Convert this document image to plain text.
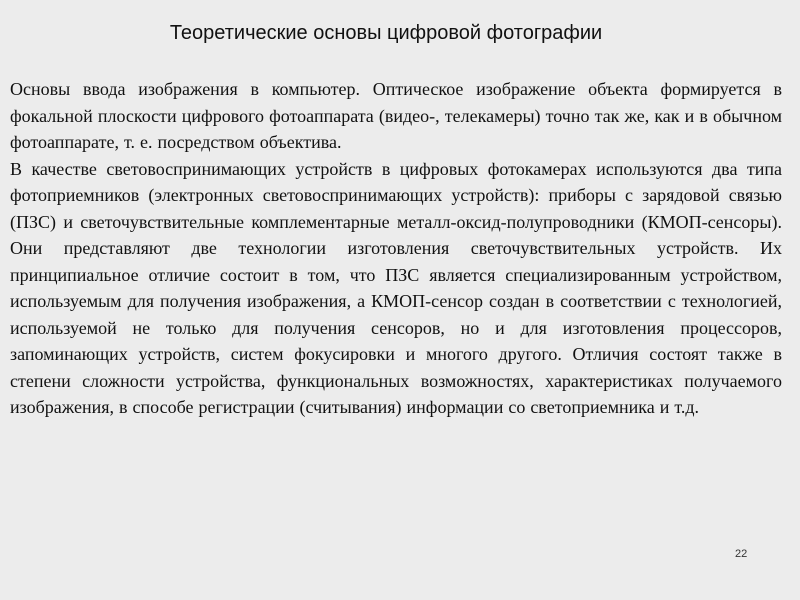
Теоретические основы цифровой фотографии

Основы ввода изображения в компьютер. Оптическое изображение объекта формируется в фокальной плоскости цифрового фотоаппарата (видео-, телекамеры) точно так же, как и в обычном фотоаппарате, т. е. посредством объектива.

В качестве световоспринимающих устройств в цифровых фотокамерах используются два типа фотоприемников (электронных световоспринимающих устройств): приборы с зарядовой связью (ПЗС) и светочувствительные комплементарные металл-оксид-полупроводники (КМОП-сенсоры). Они представляют две технологии изготовления светочувствительных устройств. Их принципиальное отличие состоит в том, что ПЗС является специализированным устройством, используемым для получения изображения, а КМОП-сенсор создан в соответствии с технологией, используемой не только для получения сенсоров, но и для изготовления процессоров, запоминающих устройств, систем фокусировки и многого другого. Отличия состоят также в степени сложности устройства, функциональных возможностях, характеристиках получаемого изображения, в способе регистрации (считывания) информации со светоприемника и т.д.

22
